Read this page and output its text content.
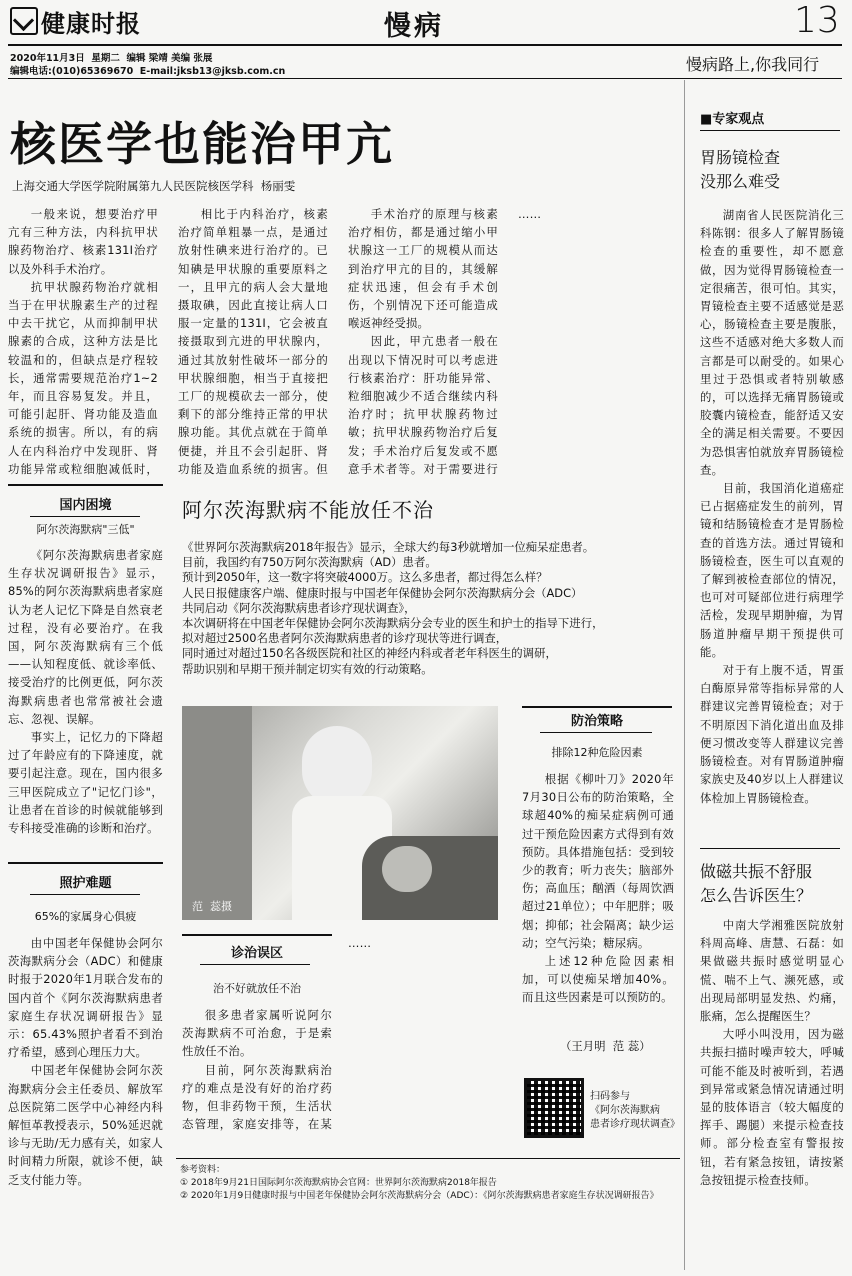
健康时报	慢病	13
2020年11月3日  星期二  编辑 梁靖 美编 张展
编辑电话:(010)65369670  E-mail:jksb13@jksb.com.cn	慢病路上,你我同行
核医学也能治甲亢
上海交通大学医学院附属第九人民医院核医学科  杨丽雯

一般来说，想要治疗甲亢有三种方法，内科抗甲状腺药物治疗、核素131I治疗以及外科手术治疗。

抗甲状腺药物治疗就相当于在甲状腺素生产的过程中去干扰它，从而抑制甲状腺素的合成，这种方法是比较温和的，但缺点是疗程较长，通常需要规范治疗1~2年，而且容易复发。并且，可能引起肝、肾功能及造血系统的损害。所以，有的病人在内科治疗中发现肝、肾功能异常或粒细胞减低时，

相比于内科治疗，核素治疗简单粗暴一点，是通过放射性碘来进行治疗的。已知碘是甲状腺的重要原料之一，且甲亢的病人会大量地摄取碘，因此直接让病人口服一定量的131I，它会被直接摄取到亢进的甲状腺内，通过其放射性破坏一部分的甲状腺细胞，相当于直接把工厂的规模砍去一部分，使剩下的部分维持正常的甲状腺功能。其优点就在于简单便捷，并且不会引起肝、肾功能及造血系统的损害。但

手术治疗的原理与核素治疗相仿，都是通过缩小甲状腺这一工厂的规模从而达到治疗甲亢的目的，其缓解症状迅速，但会有手术创伤，个别情况下还可能造成喉返神经受损。

因此，甲亢患者一般在出现以下情况时可以考虑进行核素治疗：肝功能异常、粒细胞减少不适合继续内科治疗时；抗甲状腺药物过敏；抗甲状腺药物治疗后复发；手术治疗后复发或不愿意手术者等。对于需要进行

……

国内困境
阿尔茨海默病"三低"

《阿尔茨海默病患者家庭生存状况调研报告》显示，85%的阿尔茨海默病患者家庭认为老人记忆下降是自然衰老过程，没有必要治疗。在我国，阿尔茨海默病有三个低——认知程度低、就诊率低、接受治疗的比例更低，阿尔茨海默病患者也常常被社会遗忘、忽视、误解。

事实上，记忆力的下降超过了年龄应有的下降速度，就要引起注意。现在，国内很多三甲医院成立了"记忆门诊"，让患者在首诊的时候就能够到专科接受准确的诊断和治疗。

照护难题
65%的家属身心俱疲

由中国老年保健协会阿尔茨海默病分会（ADC）和健康时报于2020年1月联合发布的国内首个《阿尔茨海默病患者家庭生存状况调研报告》显示：65.43%照护者看不到治疗希望，感到心理压力大。

中国老年保健协会阿尔茨海默病分会主任委员、解放军总医院第二医学中心神经内科解恒革教授表示，50%延迟就诊与无助/无力感有关，如家人时间精力所限，就诊不便，缺乏支付能力等。

阿尔茨海默病不能放任不治
《世界阿尔茨海默病2018年报告》显示，全球大约每3秒就增加一位痴呆症患者。
目前，我国约有750万阿尔茨海默病（AD）患者。
预计到2050年，这一数字将突破4000万。这么多患者，都过得怎么样？
人民日报健康客户端、健康时报与中国老年保健协会阿尔茨海默病分会（ADC）
共同启动《阿尔茨海默病患者诊疗现状调查》，
本次调研将在中国老年保健协会阿尔茨海默病分会专业的医生和护士的指导下进行，
拟对超过2500名患者阿尔茨海默病患者的诊疗现状等进行调查，
同时通过对超过150名各级医院和社区的神经内科或者老年科医生的调研，
帮助识别和早期干预并制定切实有效的行动策略。
范  蕊摄
诊治误区
治不好就放任不治

很多患者家属听说阿尔茨海默病不可治愈，于是索性放任不治。

目前，阿尔茨海默病治疗的难点是没有好的治疗药物，但非药物干预，生活状态管理，家庭安排等，在某

……

防治策略
排除12种危险因素

根据《柳叶刀》2020年7月30日公布的防治策略，全球超40%的痴呆症病例可通过干预危险因素方式得到有效预防。具体措施包括：受到较少的教育；听力丧失；脑部外伤；高血压；酗酒（每周饮酒超过21单位）；中年肥胖；吸烟；抑郁；社会隔离；缺少运动；空气污染；糖尿病。

上述12种危险因素相加，可以使痴呆增加40%。而且这些因素是可以预防的。

（王月明  范 蕊）
扫码参与
《阿尔茨海默病
患者诊疗现状调查》
参考资料：
① 2018年9月21日国际阿尔茨海默病协会官网：世界阿尔茨海默病2018年报告
② 2020年1月9日健康时报与中国老年保健协会阿尔茨海默病分会（ADC）：《阿尔茨海默病患者家庭生存状况调研报告》
■专家观点
胃肠镜检查
没那么难受

湖南省人民医院消化三科陈钢：很多人了解胃肠镜检查的重要性，却不愿意做，因为觉得胃肠镜检查一定很痛苦，很可怕。其实，胃镜检查主要不适感觉是恶心，肠镜检查主要是腹胀，这些不适感对绝大多数人而言都是可以耐受的。如果心里过于恐惧或者特别敏感的，可以选择无痛胃肠镜或胶囊内镜检查，能舒适又安全的满足相关需要。不要因为恐惧害怕就放弃胃肠镜检查。

目前，我国消化道癌症已占据癌症发生的前列，胃镜和结肠镜检查才是胃肠检查的首选方法。通过胃镜和肠镜检查，医生可以直观的了解到被检查部位的情况，也可对可疑部位进行病理学活检，发现早期肿瘤，为胃肠道肿瘤早期干预提供可能。

对于有上腹不适，胃蛋白酶原异常等指标异常的人群建议完善胃镜检查；对于不明原因下消化道出血及排便习惯改变等人群建议完善肠镜检查。对有胃肠道肿瘤家族史及40岁以上人群建议体检加上胃肠镜检查。

做磁共振不舒服
怎么告诉医生？

中南大学湘雅医院放射科周高峰、唐慧、石磊：如果做磁共振时感觉明显心慌、喘不上气、濒死感，或出现局部明显发热、灼痛，胀痛，怎么提醒医生？

大呼小叫没用，因为磁共振扫描时噪声较大，呼喊可能不能及时被听到，若遇到异常或紧急情况请通过明显的肢体语言（较大幅度的挥手、踢腿）来提示检查技师。部分检查室有警报按钮，若有紧急按钮，请按紧急按钮提示检查技师。
